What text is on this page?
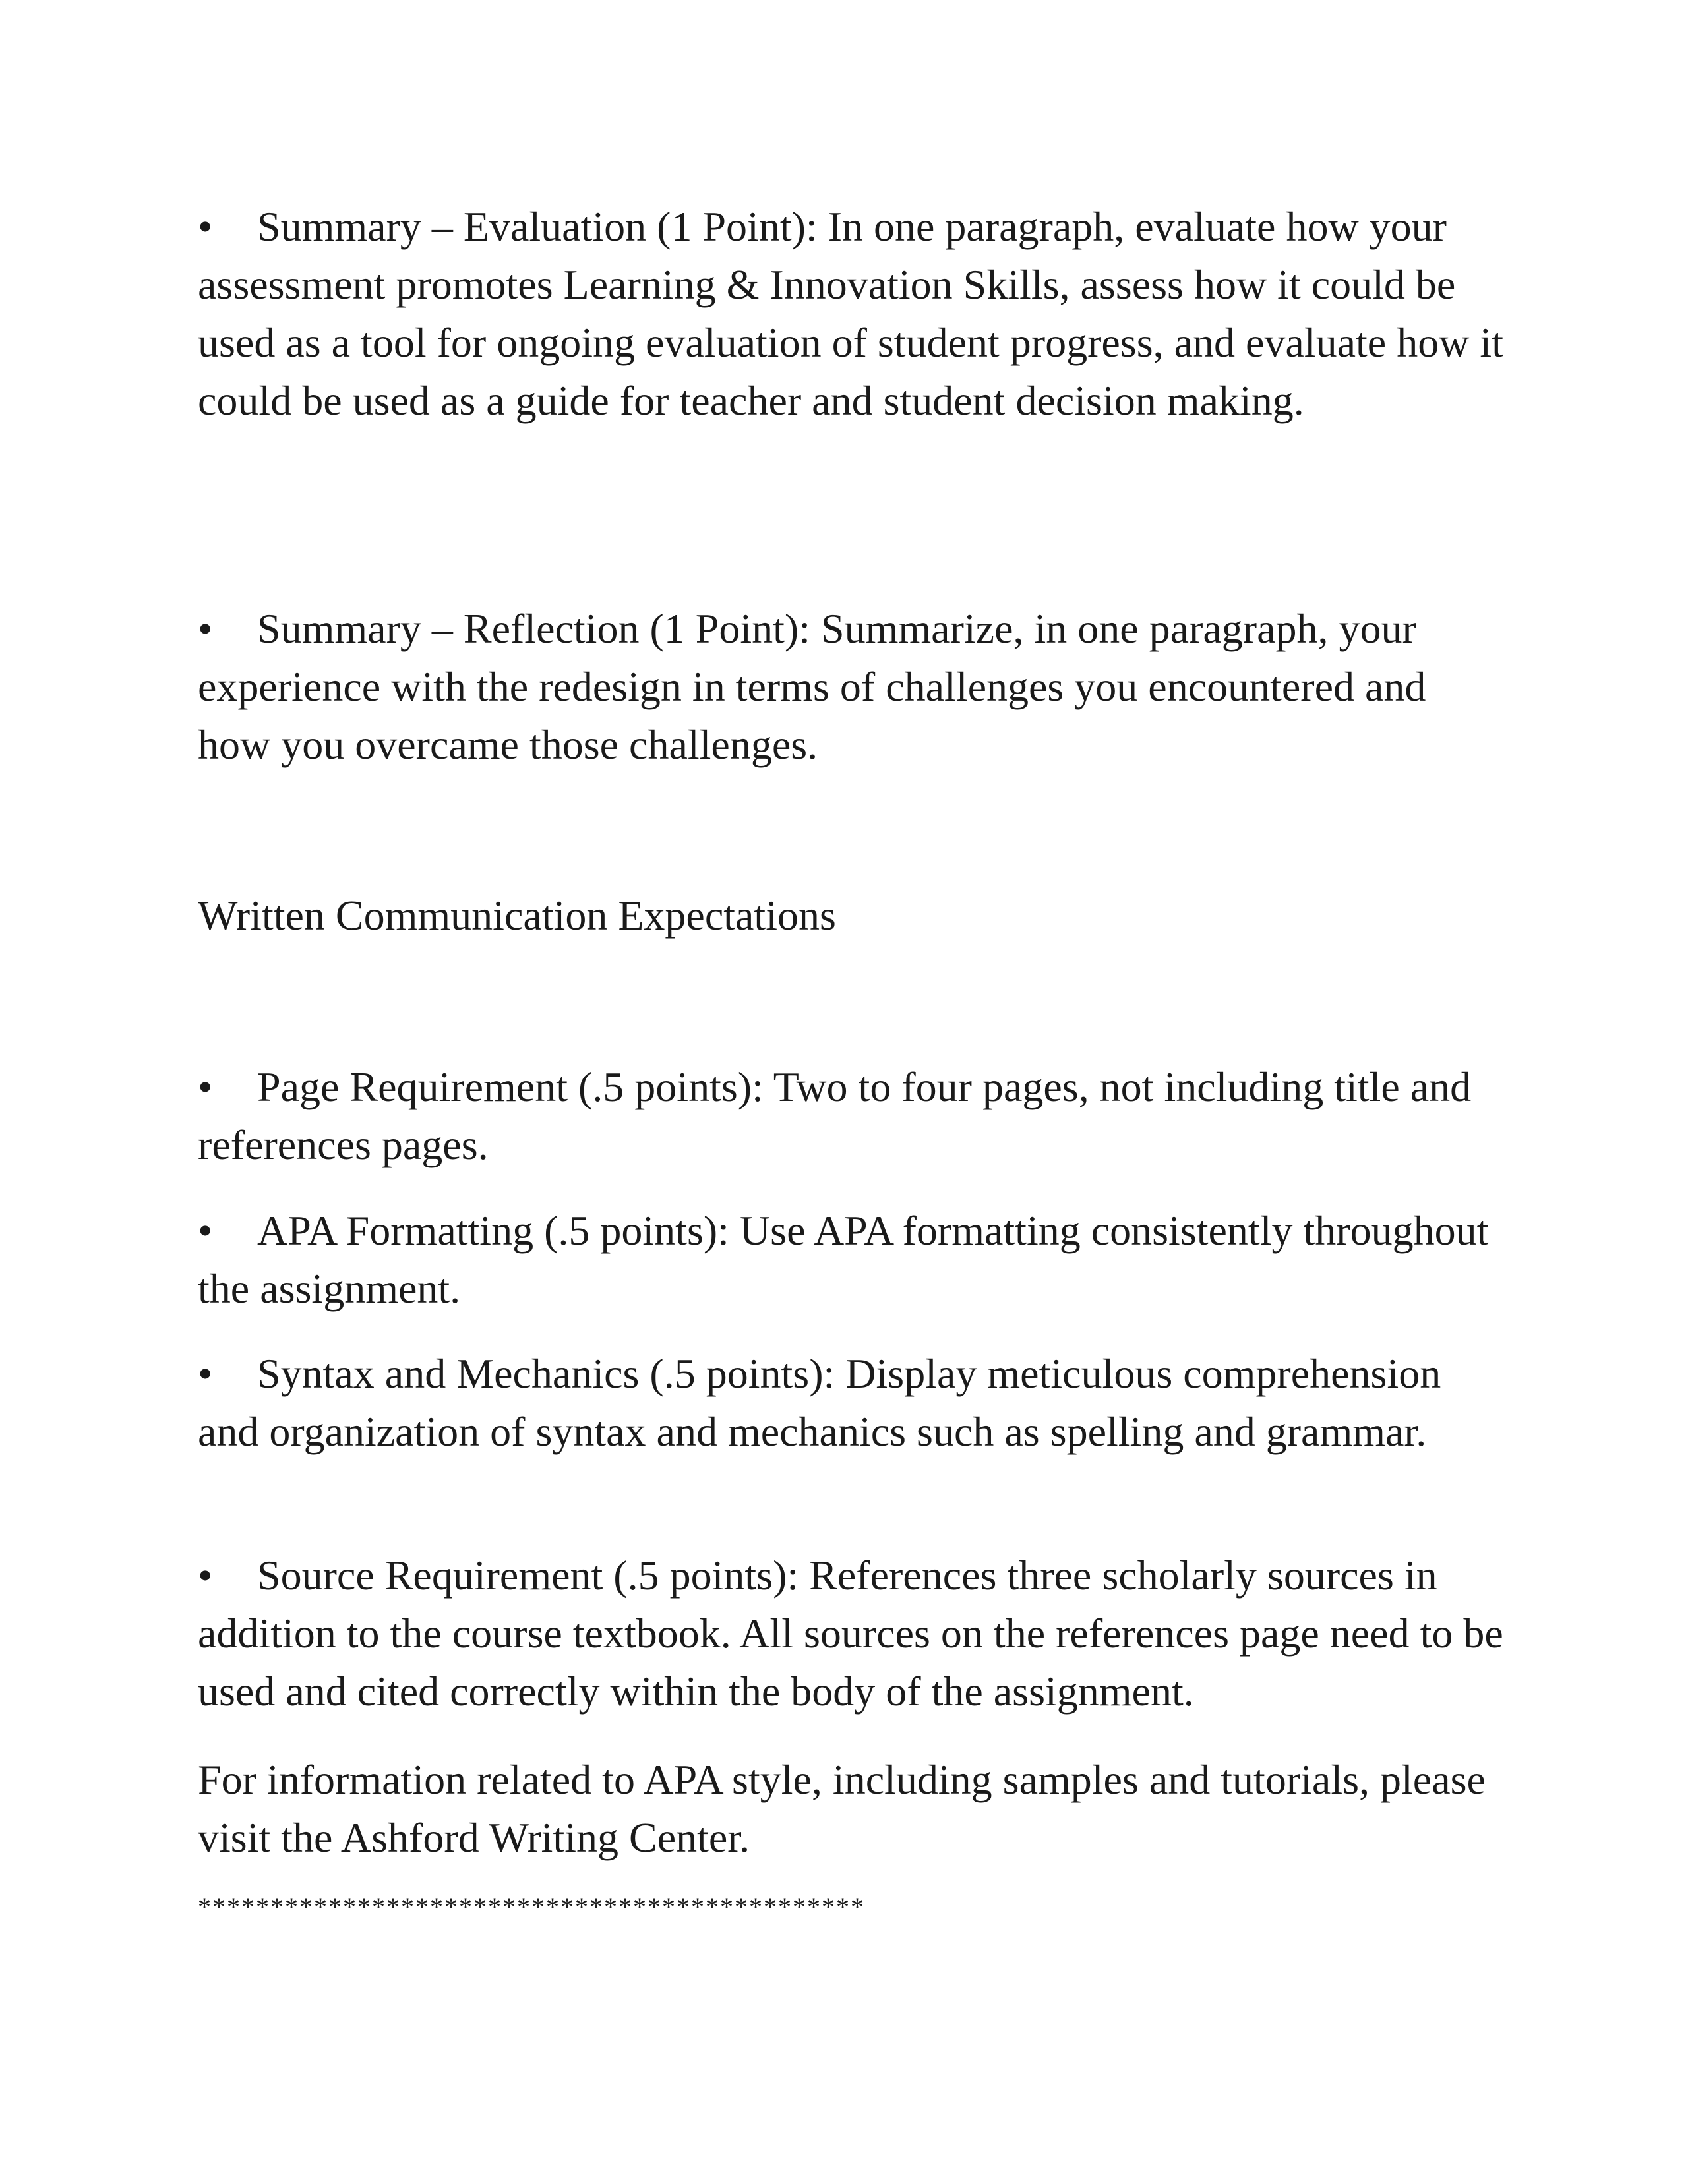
• Summary – Evaluation (1 Point): In one paragraph, evaluate how your assessment promotes Learning & Innovation Skills, assess how it could be used as a tool for ongoing evaluation of student progress, and evaluate how it could be used as a guide for teacher and student decision making.

• Summary – Reflection (1 Point): Summarize, in one paragraph, your experience with the redesign in terms of challenges you encountered and how you overcame those challenges.

Written Communication Expectations

• Page Requirement (.5 points): Two to four pages, not including title and references pages.

• APA Formatting (.5 points): Use APA formatting consistently throughout the assignment.

• Syntax and Mechanics (.5 points): Display meticulous comprehension and organization of syntax and mechanics such as spelling and grammar.

• Source Requirement (.5 points): References three scholarly sources in addition to the course textbook. All sources on the references page need to be used and cited correctly within the body of the assignment.

For information related to APA style, including samples and tutorials, please visit the Ashford Writing Center.

**********************************************
